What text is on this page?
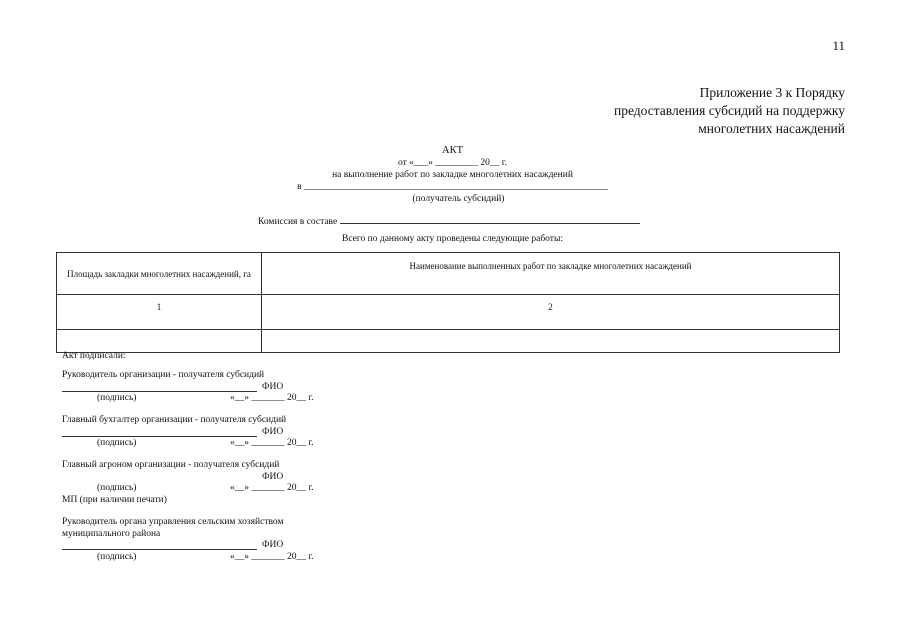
11
Приложение 3 к Порядку
предоставления субсидий на поддержку
многолетних насаждений
АКТ
от «___» _________ 20__ г.
на выполнение работ по закладке многолетних насаждений
в ________________________________________________________________
(получатель субсидий)
Комиссия в составе
Всего по данному акту проведены следующие работы:
Площадь закладки многолетних насаждений, га	Наименование выполненных работ по закладке многолетних насаждений
1	2

Акт подписали:
Руководитель организации - получателя субсидий
ФИО
(подпись)	«__» _______ 20__ г.
Главный бухгалтер организации - получателя субсидий
ФИО
(подпись)	«__» _______ 20__ г.
Главный агроном организации - получателя субсидий
ФИО
(подпись)	«__» _______ 20__ г.
МП (при наличии печати)
Руководитель органа управления сельским хозяйством
муниципального района
ФИО
(подпись)	«__» _______ 20__ г.
